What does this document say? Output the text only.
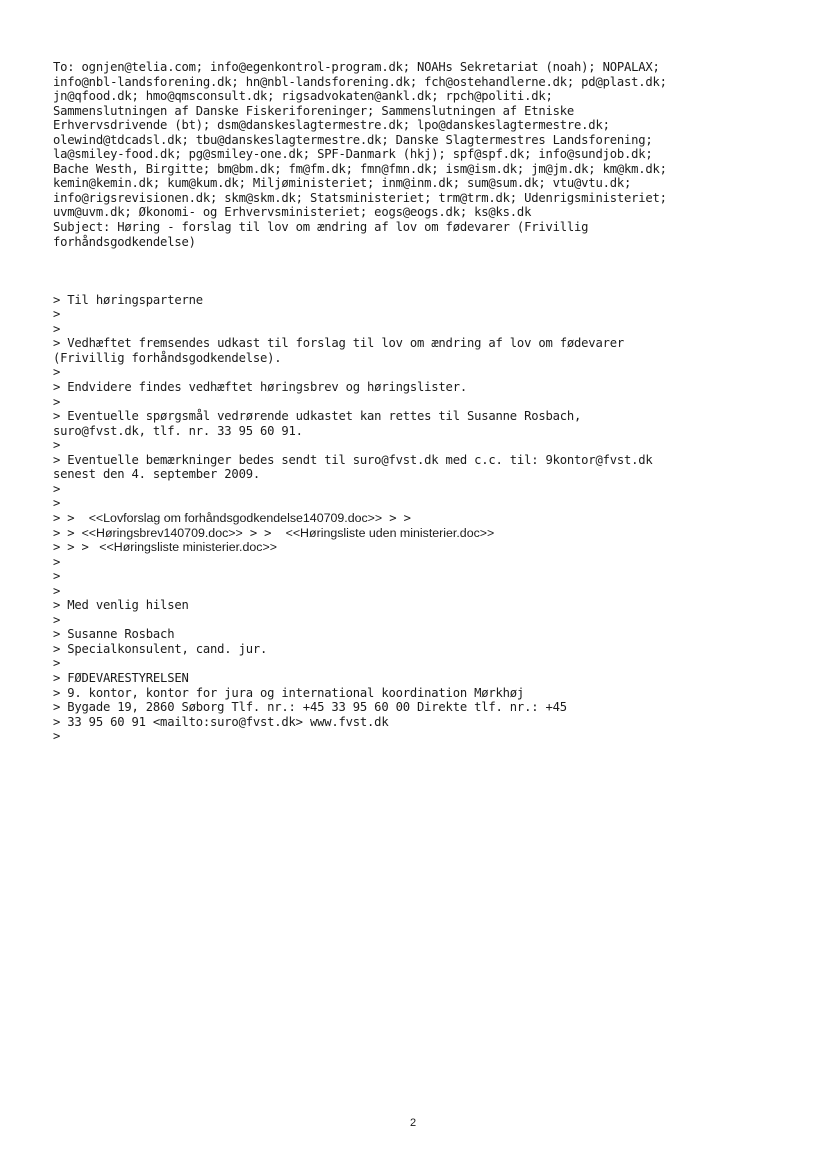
To: ognjen@telia.com; info@egenkontrol-program.dk; NOAHs Sekretariat (noah); NOPALAX;
info@nbl-landsforening.dk; hn@nbl-landsforening.dk; fch@ostehandlerne.dk; pd@plast.dk;
jn@qfood.dk; hmo@qmsconsult.dk; rigsadvokaten@ankl.dk; rpch@politi.dk;
Sammenslutningen af Danske Fiskeriforeninger; Sammenslutningen af Etniske
Erhvervsdrivende (bt); dsm@danskeslagtermestre.dk; lpo@danskeslagtermestre.dk;
olewind@tdcadsl.dk; tbu@danskeslagtermestre.dk; Danske Slagtermestres Landsforening;
la@smiley-food.dk; pg@smiley-one.dk; SPF-Danmark (hkj); spf@spf.dk; info@sundjob.dk;
Bache Westh, Birgitte; bm@bm.dk; fm@fm.dk; fmn@fmn.dk; ism@ism.dk; jm@jm.dk; km@km.dk;
kemin@kemin.dk; kum@kum.dk; Miljøministeriet; inm@inm.dk; sum@sum.dk; vtu@vtu.dk;
info@rigsrevisionen.dk; skm@skm.dk; Statsministeriet; trm@trm.dk; Udenrigsministeriet;
uvm@uvm.dk; Økonomi- og Erhvervsministeriet; eogs@eogs.dk; ks@ks.dk
Subject: Høring - forslag til lov om ændring af lov om fødevarer (Frivillig
forhåndsgodkendelse)
> Til høringsparterne
>
>
> Vedhæftet fremsendes udkast til forslag til lov om ændring af lov om fødevarer
(Frivillig forhåndsgodkendelse).
>
> Endvidere findes vedhæftet høringsbrev og høringslister.
>
> Eventuelle spørgsmål vedrørende udkastet kan rettes til Susanne Rosbach,
suro@fvst.dk, tlf. nr. 33 95 60 91.
>
> Eventuelle bemærkninger bedes sendt til suro@fvst.dk med c.c. til: 9kontor@fvst.dk
senest den 4. september 2009.
>
>
> >  <<Lovforslag om forhåndsgodkendelse140709.doc>> > >
> > <<Høringsbrev140709.doc>> > >  <<Høringsliste uden ministerier.doc>>
> > >  <<Høringsliste ministerier.doc>>
>
>
>
> Med venlig hilsen
>
> Susanne Rosbach
> Specialkonsulent, cand. jur.
>
> FØDEVARESTYRELSEN
> 9. kontor, kontor for jura og international koordination Mørkhøj
> Bygade 19, 2860 Søborg Tlf. nr.: +45 33 95 60 00 Direkte tlf. nr.: +45
> 33 95 60 91 <mailto:suro@fvst.dk> www.fvst.dk
>
2
